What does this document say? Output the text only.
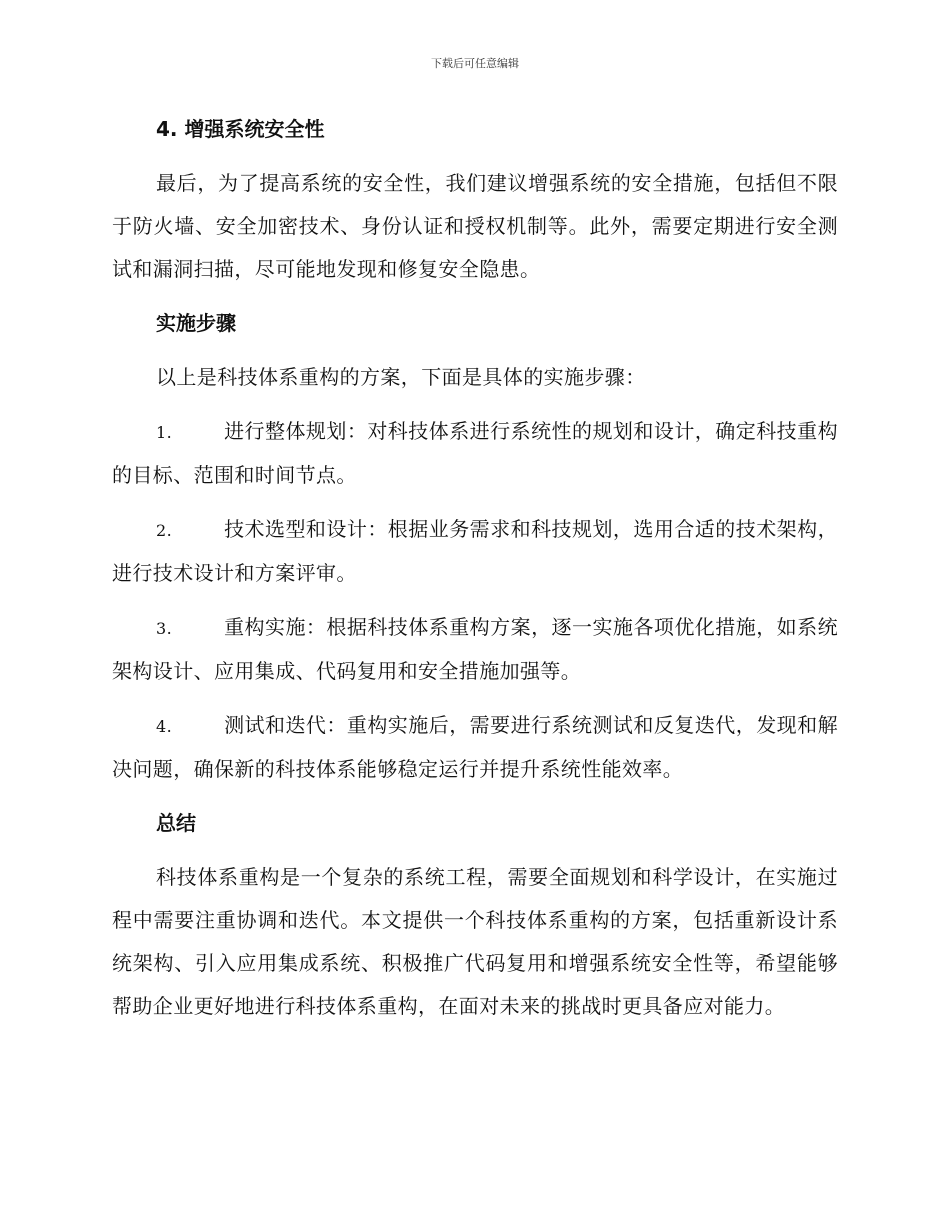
下载后可任意编辑
4. 增强系统安全性

最后，为了提高系统的安全性，我们建议增强系统的安全措施，包括但不限于防火墙、安全加密技术、身份认证和授权机制等。此外，需要定期进行安全测试和漏洞扫描，尽可能地发现和修复安全隐患。

实施步骤

以上是科技体系重构的方案，下面是具体的实施步骤：

1.	进行整体规划：对科技体系进行系统性的规划和设计，确定科技重构的目标、范围和时间节点。

2.	技术选型和设计：根据业务需求和科技规划，选用合适的技术架构，进行技术设计和方案评审。

3.	重构实施：根据科技体系重构方案，逐一实施各项优化措施，如系统架构设计、应用集成、代码复用和安全措施加强等。

4.	测试和迭代：重构实施后，需要进行系统测试和反复迭代，发现和解决问题，确保新的科技体系能够稳定运行并提升系统性能效率。

总结

科技体系重构是一个复杂的系统工程，需要全面规划和科学设计，在实施过程中需要注重协调和迭代。本文提供一个科技体系重构的方案，包括重新设计系统架构、引入应用集成系统、积极推广代码复用和增强系统安全性等，希望能够帮助企业更好地进行科技体系重构，在面对未来的挑战时更具备应对能力。
